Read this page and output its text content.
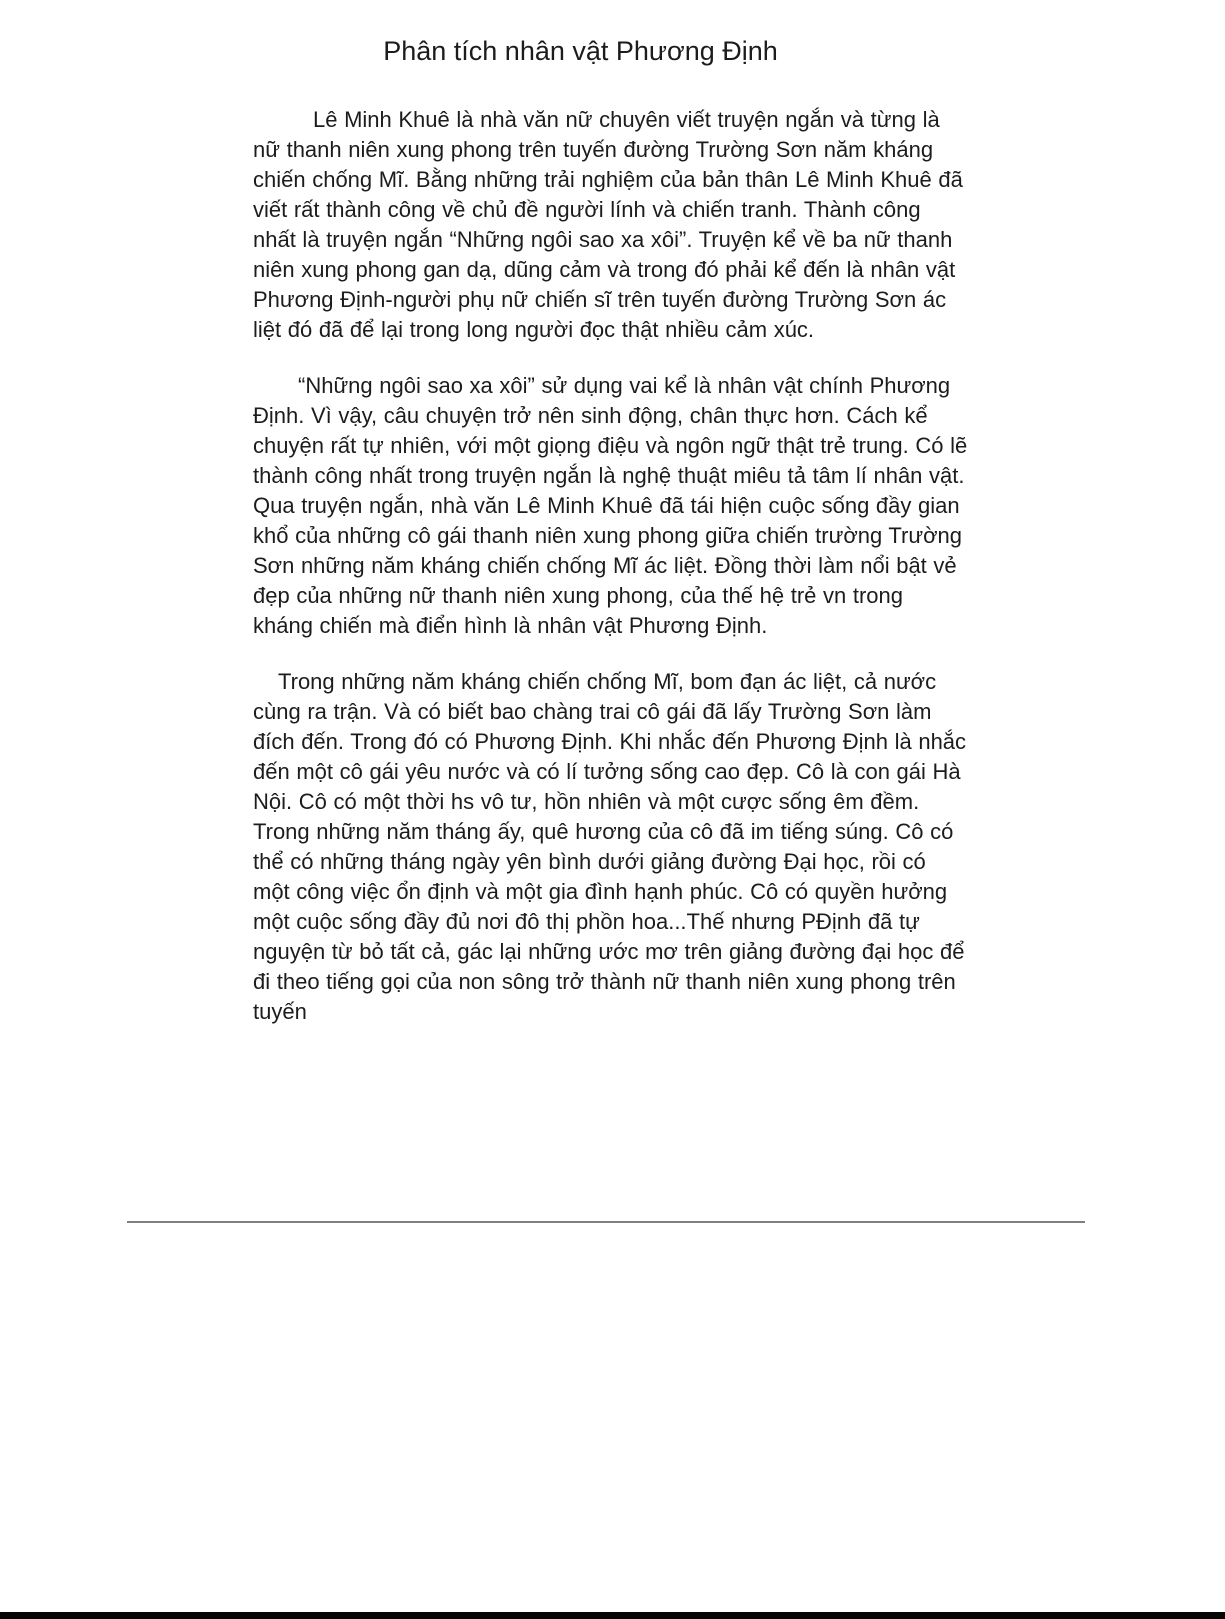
Phân tích nhân vật Phương Định

Lê Minh Khuê là nhà văn nữ chuyên viết truyện ngắn và từng là nữ thanh niên xung phong trên tuyến đường Trường Sơn năm kháng chiến chống Mĩ. Bằng những trải nghiệm của bản thân Lê Minh Khuê đã viết rất thành công về chủ đề người lính và chiến tranh. Thành công nhất là truyện ngắn “Những ngôi sao xa xôi”. Truyện kể về ba nữ thanh niên xung phong gan dạ, dũng cảm và trong đó phải kể đến là nhân vật Phương Định-người phụ nữ chiến sĩ trên tuyến đường Trường Sơn ác liệt đó đã để lại trong long người đọc thật nhiều cảm xúc.

“Những ngôi sao xa xôi” sử dụng vai kể là nhân vật chính Phương Định. Vì vậy, câu chuyện trở nên sinh động, chân thực hơn. Cách kể chuyện rất tự nhiên, với một giọng điệu và ngôn ngữ thật trẻ trung. Có lẽ thành công nhất trong truyện ngắn là nghệ thuật miêu tả tâm lí nhân vật. Qua truyện ngắn, nhà văn Lê Minh Khuê đã tái hiện cuộc sống đầy gian khổ của những cô gái thanh niên xung phong giữa chiến trường Trường Sơn những năm kháng chiến chống Mĩ ác liệt. Đồng thời làm nổi bật vẻ đẹp của những nữ thanh niên xung phong, của thế hệ trẻ vn trong kháng chiến mà điển hình là nhân vật Phương Định.

Trong những năm kháng chiến chống Mĩ, bom đạn ác liệt, cả nước cùng ra trận. Và có biết bao chàng trai cô gái đã lấy Trường Sơn làm đích đến. Trong đó có Phương Định. Khi nhắc đến Phương Định là nhắc đến một cô gái yêu nước và có lí tưởng sống cao đẹp. Cô là con gái Hà Nội. Cô có một thời hs vô tư, hồn nhiên và một cược sống êm đềm. Trong những năm tháng ấy, quê hương của cô đã im tiếng súng. Cô có thể có những tháng ngày yên bình dưới giảng đường Đại học, rồi có một công việc ổn định và một gia đình hạnh phúc. Cô có quyền hưởng một cuộc sống đầy đủ nơi đô thị phồn hoa...Thế nhưng PĐịnh đã tự nguyện từ bỏ tất cả, gác lại những ước mơ trên giảng đường đại học để đi theo tiếng gọi của non sông trở thành nữ thanh niên xung phong trên tuyến
